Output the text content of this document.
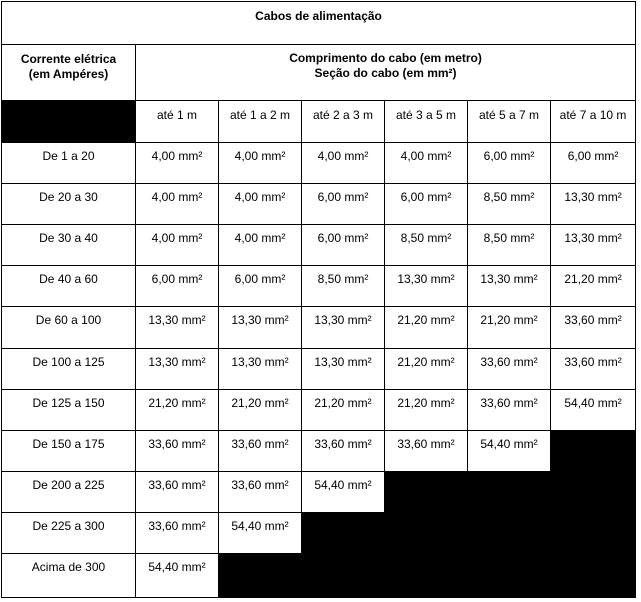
Cabos de alimentação						
Corrente elétrica
(em Ampéres)	Comprimento do cabo (em metro)
Seção do cabo (em mm²)					
	até 1 m	até 1 a 2 m	até 2 a 3 m	até 3 a 5 m	até 5 a 7 m	até 7 a 10 m
De 1 a 20	4,00 mm²	4,00 mm²	4,00 mm²	4,00 mm²	6,00 mm²	6,00 mm²
De 20 a 30	4,00 mm²	4,00 mm²	6,00 mm²	6,00 mm²	8,50 mm²	13,30 mm²
De 30 a 40	4,00 mm²	4,00 mm²	6,00 mm²	8,50 mm²	8,50 mm²	13,30 mm²
De 40 a 60	6,00 mm²	6,00 mm²	8,50 mm²	13,30 mm²	13,30 mm²	21,20 mm²
De 60 a 100	13,30 mm²	13,30 mm²	13,30 mm²	21,20 mm²	21,20 mm²	33,60 mm²
De 100 a 125	13,30 mm²	13,30 mm²	13,30 mm²	21,20 mm²	33,60 mm²	33,60 mm²
De 125 a 150	21,20 mm²	21,20 mm²	21,20 mm²	21,20 mm²	33,60 mm²	54,40 mm²
De 150 a 175	33,60 mm²	33,60 mm²	33,60 mm²	33,60 mm²	54,40 mm²	
De 200 a 225	33,60 mm²	33,60 mm²	54,40 mm²			
De 225 a 300	33,60 mm²	54,40 mm²				
Acima de 300	54,40 mm²					
